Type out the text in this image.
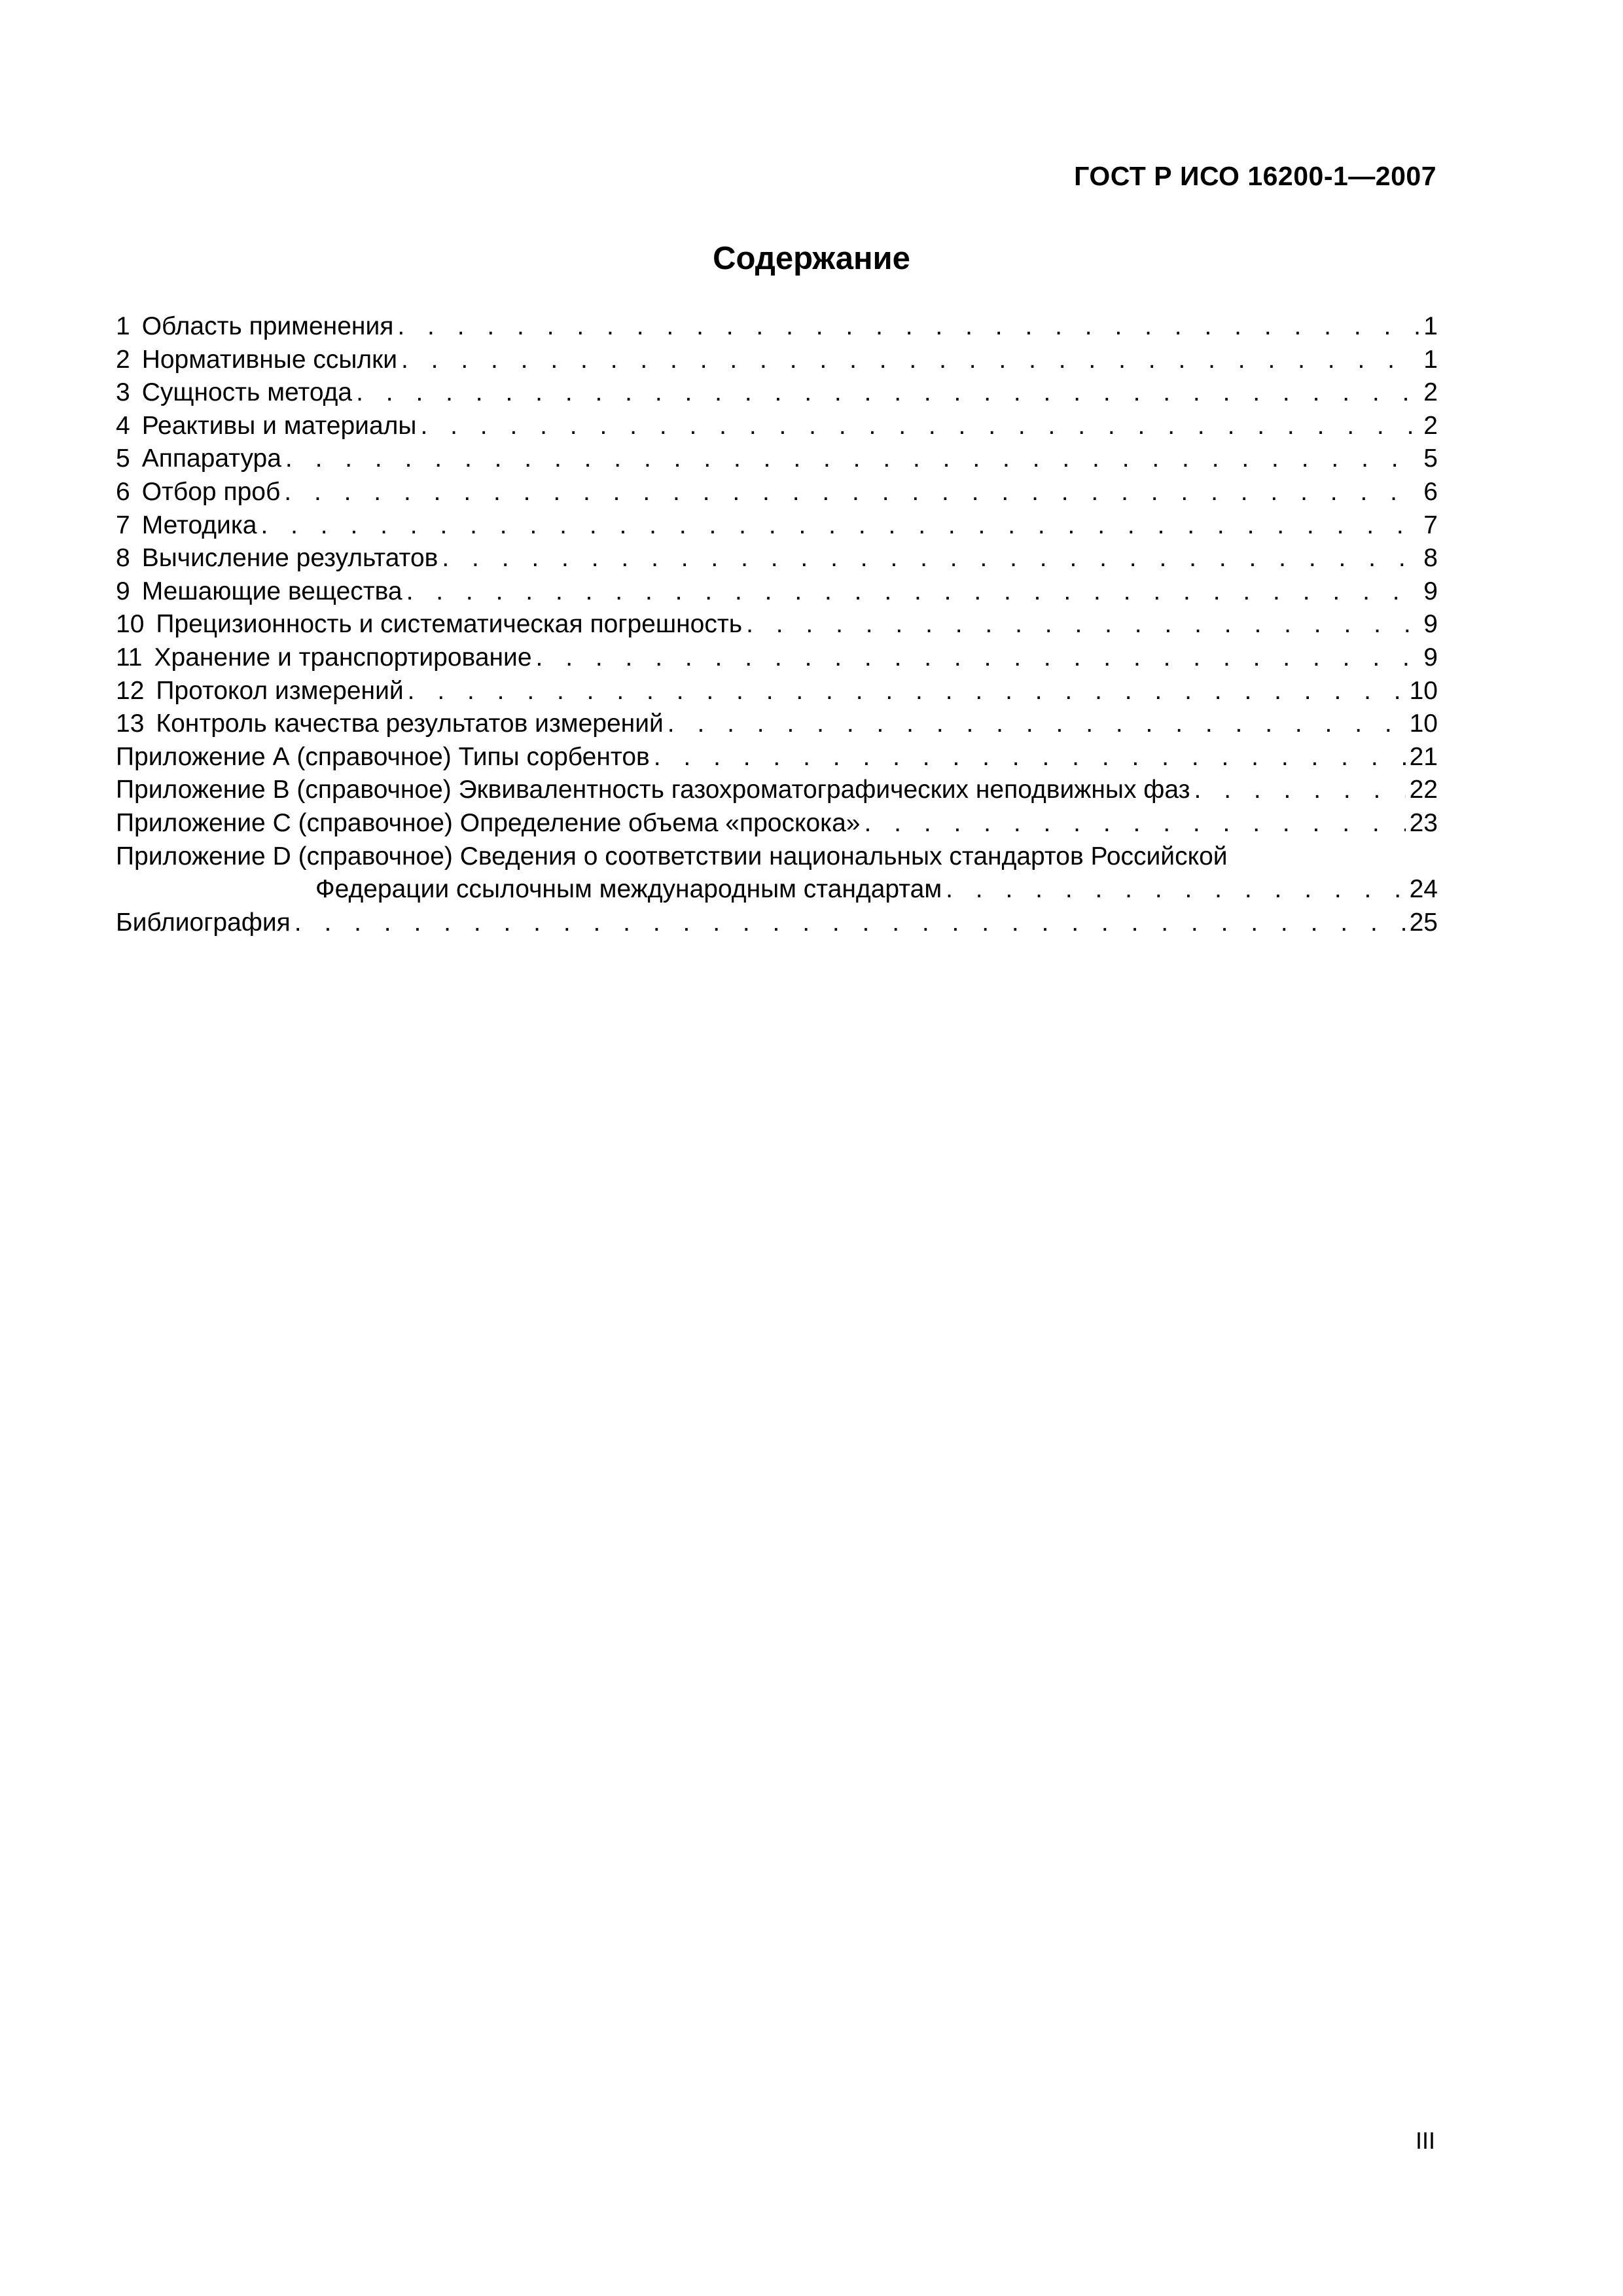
ГОСТ Р ИСО 16200-1—2007
Содержание
1 Область применения . . .	1
2 Нормативные ссылки . . .	1
3 Сущность метода . . .	2
4 Реактивы и материалы . . .	2
5 Аппаратура . . .	5
6 Отбор проб . . .	6
7 Методика . . .	7
8 Вычисление результатов . . .	8
9 Мешающие вещества . . .	9
10 Прецизионность и систематическая погрешность . . .	9
11 Хранение и транспортирование . . .	9
12 Протокол измерений . . .	10
13 Контроль качества результатов измерений . . .	10
Приложение А (справочное) Типы сорбентов . . .	21
Приложение В (справочное) Эквивалентность газохроматографических неподвижных фаз . . .	22
Приложение С (справочное) Определение объема «проскока» . . .	23
Приложение D (справочное) Сведения о соответствии национальных стандартов Российской
Федерации ссылочным международным стандартам . . .	24
Библиография . . .	25
III
